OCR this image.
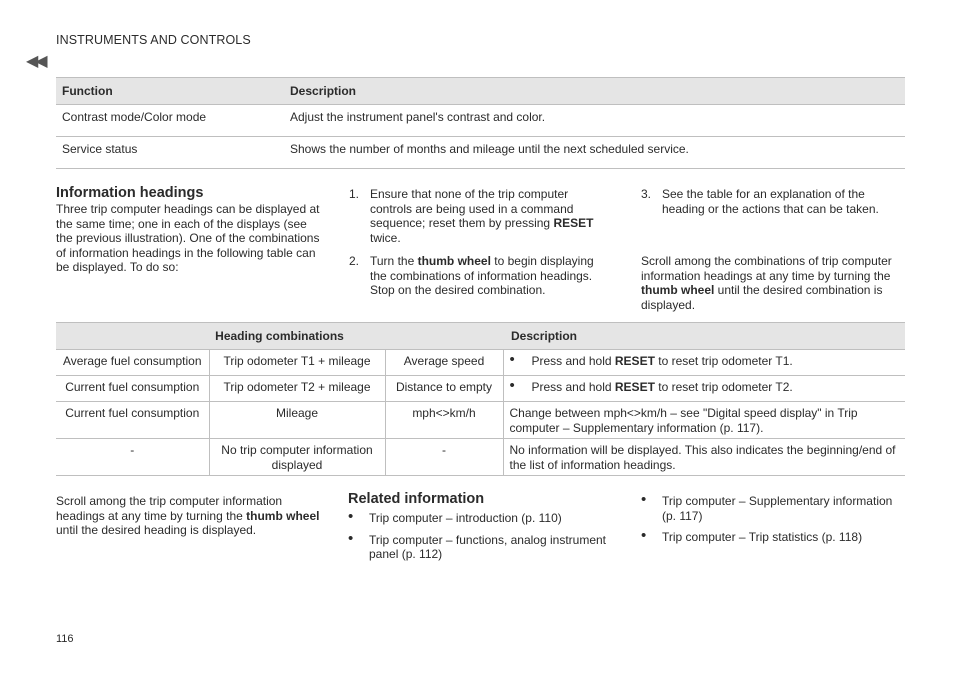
◀◀
INSTRUMENTS AND CONTROLS
Function	Description
Contrast mode/Color mode	Adjust the instrument panel's contrast and color.
Service status	Shows the number of months and mileage until the next scheduled service.
Information headings
Three trip computer headings can be displayed at the same time; one in each of the displays (see the previous illustration). One of the combinations of information headings in the following table can be displayed. To do so:
1. Ensure that none of the trip computer controls are being used in a command sequence; reset them by pressing RESET twice.
2. Turn the thumb wheel to begin displaying the combinations of information headings. Stop on the desired combination.
3. See the table for an explanation of the heading or the actions that can be taken.
Scroll among the combinations of trip computer information headings at any time by turning the thumb wheel until the desired combination is displayed.
Heading combinations			Description
Average fuel consumption	Trip odometer T1 + mileage	Average speed	• Press and hold RESET to reset trip odometer T1.

Current fuel consumption	Trip odometer T2 + mileage	Distance to empty	• Press and hold RESET to reset trip odometer T2.

Current fuel consumption	Mileage	mph<>km/h	Change between mph<>km/h – see "Digital speed display" in Trip computer – Supplementary information (p. 117).
-	No trip computer information displayed	-	No information will be displayed. This also indicates the beginning/end of the list of information headings.
Scroll among the trip computer information headings at any time by turning the thumb wheel until the desired heading is displayed.
Related information
• Trip computer – introduction (p. 110)
• Trip computer – functions, analog instrument panel (p. 112)
• Trip computer – Supplementary information (p. 117)
• Trip computer – Trip statistics (p. 118)
116
